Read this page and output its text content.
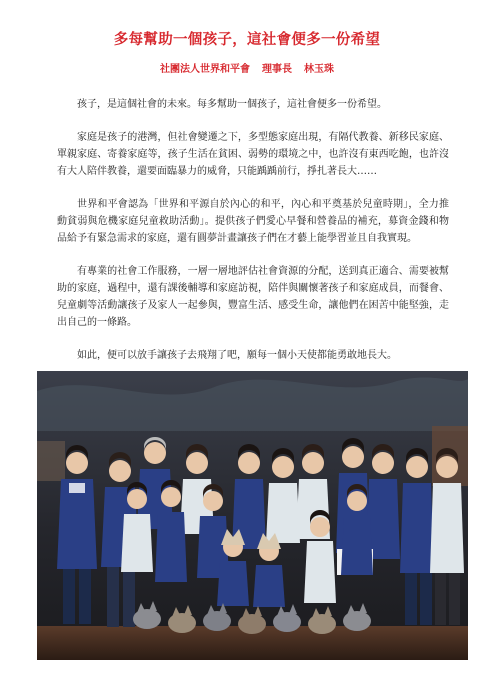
多每幫助一個孩子，這社會便多一份希望
社團法人世界和平會 理事長 林玉珠

孩子，是這個社會的未來。每多幫助一個孩子，這社會便多一份希望。

家庭是孩子的港灣，但社會變遷之下，多型態家庭出現，有隔代教養、新移民家庭、單親家庭、寄養家庭等，孩子生活在貧困、弱勢的環境之中，也許沒有東西吃飽，也許沒有大人陪伴教養，還要面臨暴力的威脅，只能踽踽前行，掙扎著長大……

世界和平會認為「世界和平源自於內心的和平，內心和平奠基於兒童時期」，全力推動貧弱與危機家庭兒童救助活動」。提供孩子們愛心早餐和營養品的補充，募資金錢和物品給予有緊急需求的家庭，還有圓夢計畫讓孩子們在才藝上能學習並且自我實現。

有專業的社會工作服務，一層一層地評估社會資源的分配，送到真正適合、需要被幫助的家庭，過程中，還有課後輔導和家庭訪視，陪伴與關懷著孩子和家庭成員，而餐會、兒童劇等活動讓孩子及家人一起參與，豐富生活、感受生命，讓他們在困苦中能堅強，走出自己的一條路。

如此，便可以放手讓孩子去飛翔了吧，願每一個小天使都能勇敢地長大。
